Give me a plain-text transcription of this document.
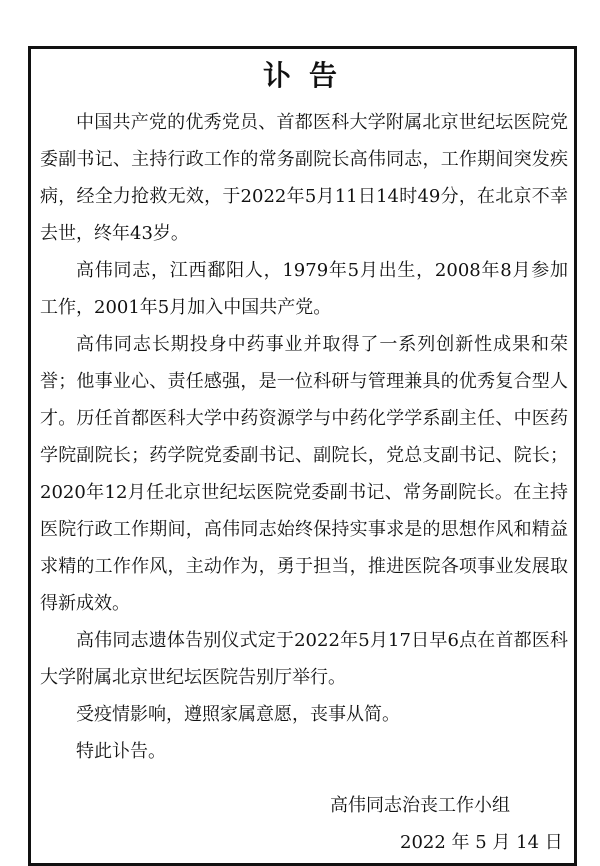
讣告

中国共产党的优秀党员、首都医科大学附属北京世纪坛医院党委副书记、主持行政工作的常务副院长高伟同志，工作期间突发疾病，经全力抢救无效，于2022年5月11日14时49分，在北京不幸去世，终年43岁。

高伟同志，江西鄱阳人，1979年5月出生，2008年8月参加工作，2001年5月加入中国共产党。

高伟同志长期投身中药事业并取得了一系列创新性成果和荣誉；他事业心、责任感强，是一位科研与管理兼具的优秀复合型人才。历任首都医科大学中药资源学与中药化学学系副主任、中医药学院副院长；药学院党委副书记、副院长，党总支副书记、院长；2020年12月任北京世纪坛医院党委副书记、常务副院长。在主持医院行政工作期间，高伟同志始终保持实事求是的思想作风和精益求精的工作作风，主动作为，勇于担当，推进医院各项事业发展取得新成效。

高伟同志遗体告别仪式定于2022年5月17日早6点在首都医科大学附属北京世纪坛医院告别厅举行。

受疫情影响，遵照家属意愿，丧事从简。

特此讣告。

高伟同志治丧工作小组
2022 年 5 月 14 日
